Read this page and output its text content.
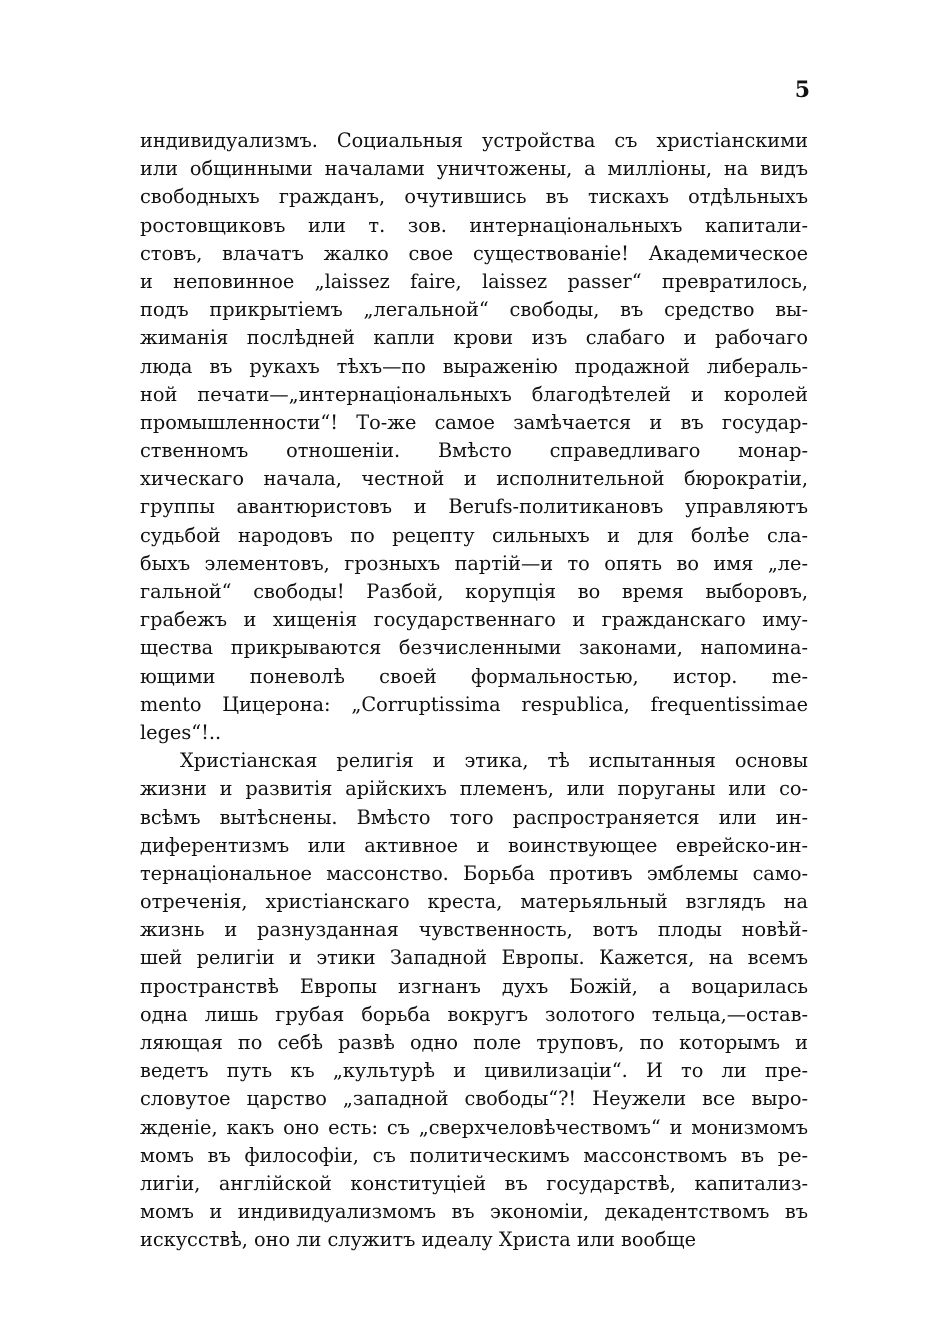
5
индивидуализмъ. Социальныя устройства съ христіанскими
или общинными началами уничтожены, а милліоны, на видъ
свободныхъ гражданъ, очутившись въ тискахъ отдѣльныхъ
ростовщиковъ или т. зов. интернаціональныхъ капитали-
стовъ, влачатъ жалко свое существованіе! Академическое
и неповинное „laissez faire, laissez passer“ превратилось,
подъ прикрытіемъ „легальной“ свободы, въ средство вы-
жиманія послѣдней капли крови изъ слабаго и рабочаго
люда въ рукахъ тѣхъ—по выраженію продажной либераль-
ной печати—„интернаціональныхъ благодѣтелей и королей
промышленности“! То-же самое замѣчается и въ государ-
ственномъ отношеніи. Вмѣсто справедливаго монар-
хическаго начала, честной и исполнительной бюрократіи,
группы авантюристовъ и Berufs-политикановъ управляютъ
судьбой народовъ по рецепту сильныхъ и для болѣе сла-
быхъ элементовъ, грозныхъ партій—и то опять во имя „ле-
гальной“ свободы! Разбой, корупція во время выборовъ,
грабежъ и хищенія государственнаго и гражданскаго иму-
щества прикрываются безчисленными законами, напомина-
ющими поневолѣ своей формальностью, истор. me-
mento Цицерона: „Corruptissima respublica, frequentissimae
leges“!..
Христіанская религія и этика, тѣ испытанныя основы
жизни и развитія арійскихъ племенъ, или поруганы или со-
всѣмъ вытѣснены. Вмѣсто того распространяется или ин-
диферентизмъ или активное и воинствующее еврейско-ин-
тернаціональное массонство. Борьба противъ эмблемы само-
отреченія, христіанскаго креста, матерьяльный взглядъ на
жизнь и разнузданная чувственность, вотъ плоды новѣй-
шей религіи и этики Западной Европы. Кажется, на всемъ
пространствѣ Европы изгнанъ духъ Божій, а воцарилась
одна лишь грубая борьба вокругъ золотого тельца,—остав-
ляющая по себѣ развѣ одно поле труповъ, по которымъ и
ведетъ путь къ „культурѣ и цивилизаціи“. И то ли пре-
словутое царство „западной свободы“?! Неужели все выро-
жденіе, какъ оно есть: съ „сверхчеловѣчествомъ“ и монизмомъ
момъ въ философіи, съ политическимъ массонствомъ въ ре-
лигіи, англійской конституціей въ государствѣ, капитализ-
момъ и индивидуализмомъ въ экономіи, декадентствомъ въ
искусствѣ, оно ли служитъ идеалу Христа или вообще
